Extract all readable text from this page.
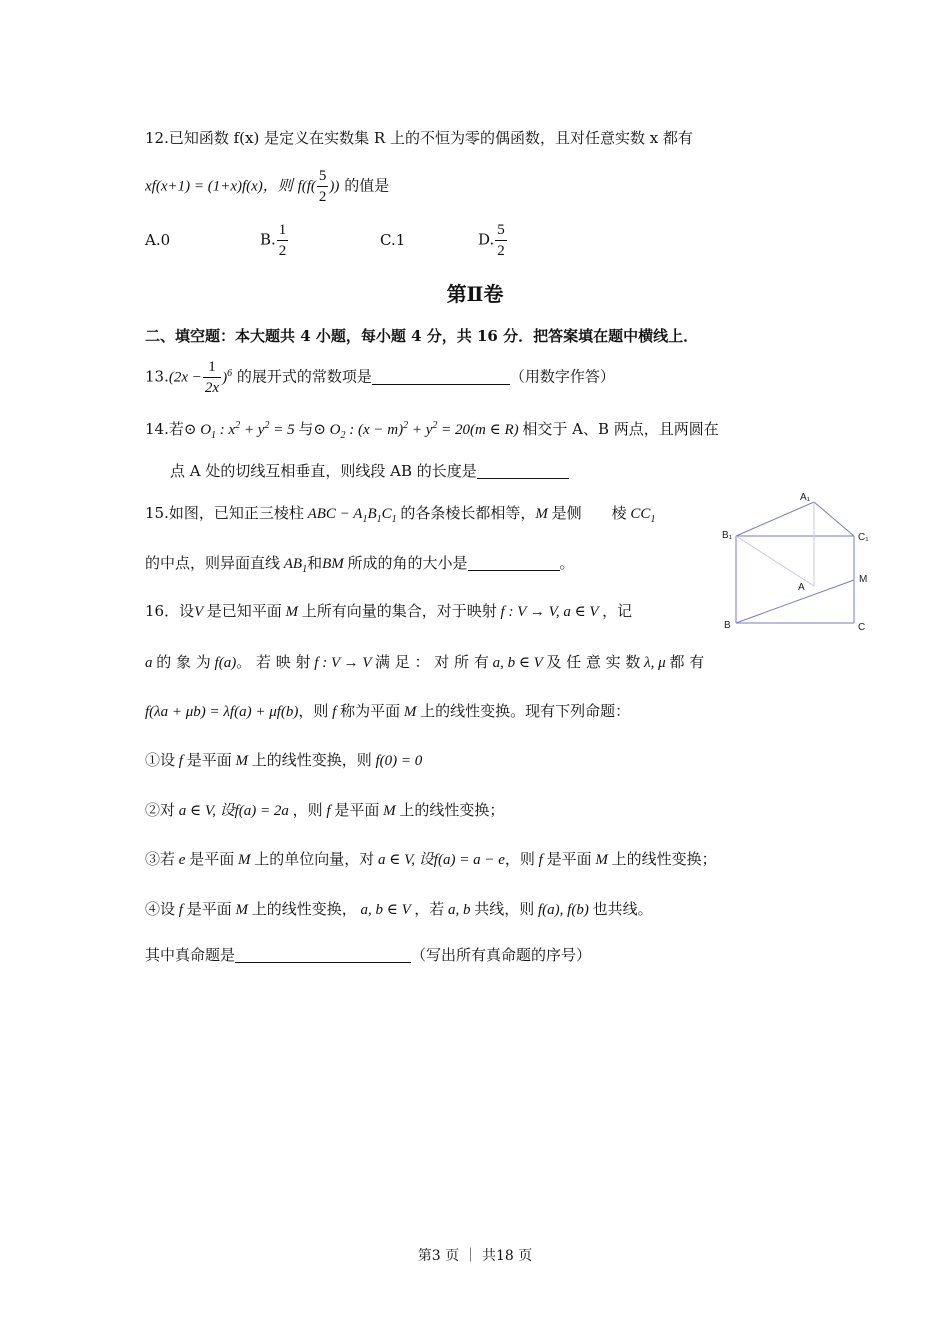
12.已知函数 f(x) 是定义在实数集 R 上的不恒为零的偶函数，且对任意实数 x 都有
xf(x+1) = (1+x)f(x)，则 $f(f( \frac{5}{2}$ )) 的值是
A.0	B. $\frac{1}{2}$	C.1	D. $\frac{5}{2}$
第Ⅱ卷
二、填空题：本大题共 4 小题，每小题 4 分，共 16 分．把答案填在题中横线上．
$13.(2x - \frac{1}{2x} )^6$ 的展开式的常数项是	（用数字作答）
14.若⊙ $O_1$ : $x^2 + y^2 = 5$ 与⊙ $O_2$ : $(x - m)^2 + y^2 = 20(m$ ∈ R) 相交于 A、B 两点，且两圆在
点 A 处的切线互相垂直，则线段 AB 的长度是
15.如图，已知正三棱柱 ABC − $A_1B_1C_1$ 的各条棱长都相等，M 是侧　　棱 $CC_1$
的中点，则异面直线 $AB_1$和BM 所成的角的大小是	。
A₁
B₁	C₁
A
M
B	C
16．设V 是已知平面 M 上所有向量的集合，对于映射 f : V → V, a ∈ V ，记
a 的 象 为 f(a)。 若 映 射 f : V → V 满 足 ： 对 所 有 a, b ∈ V 及 任 意 实 数 λ, μ 都 有
f(λa + μb) = λf(a) + μf(b)，则 f 称为平面 M 上的线性变换。现有下列命题：
①设 f 是平面 M 上的线性变换，则 f(0) = 0
②对 a ∈ V, 设f(a) = 2a ，则 f 是平面 M 上的线性变换；
③若 e 是平面 M 上的单位向量，对 a ∈ V, 设f(a) = a − e，则 f 是平面 M 上的线性变换；
④设 f 是平面 M 上的线性变换， a, b ∈ V ，若 a, b 共线，则 f(a), f(b) 也共线。
其中真命题是	（写出所有真命题的序号）
第3 页 ｜ 共18 页
